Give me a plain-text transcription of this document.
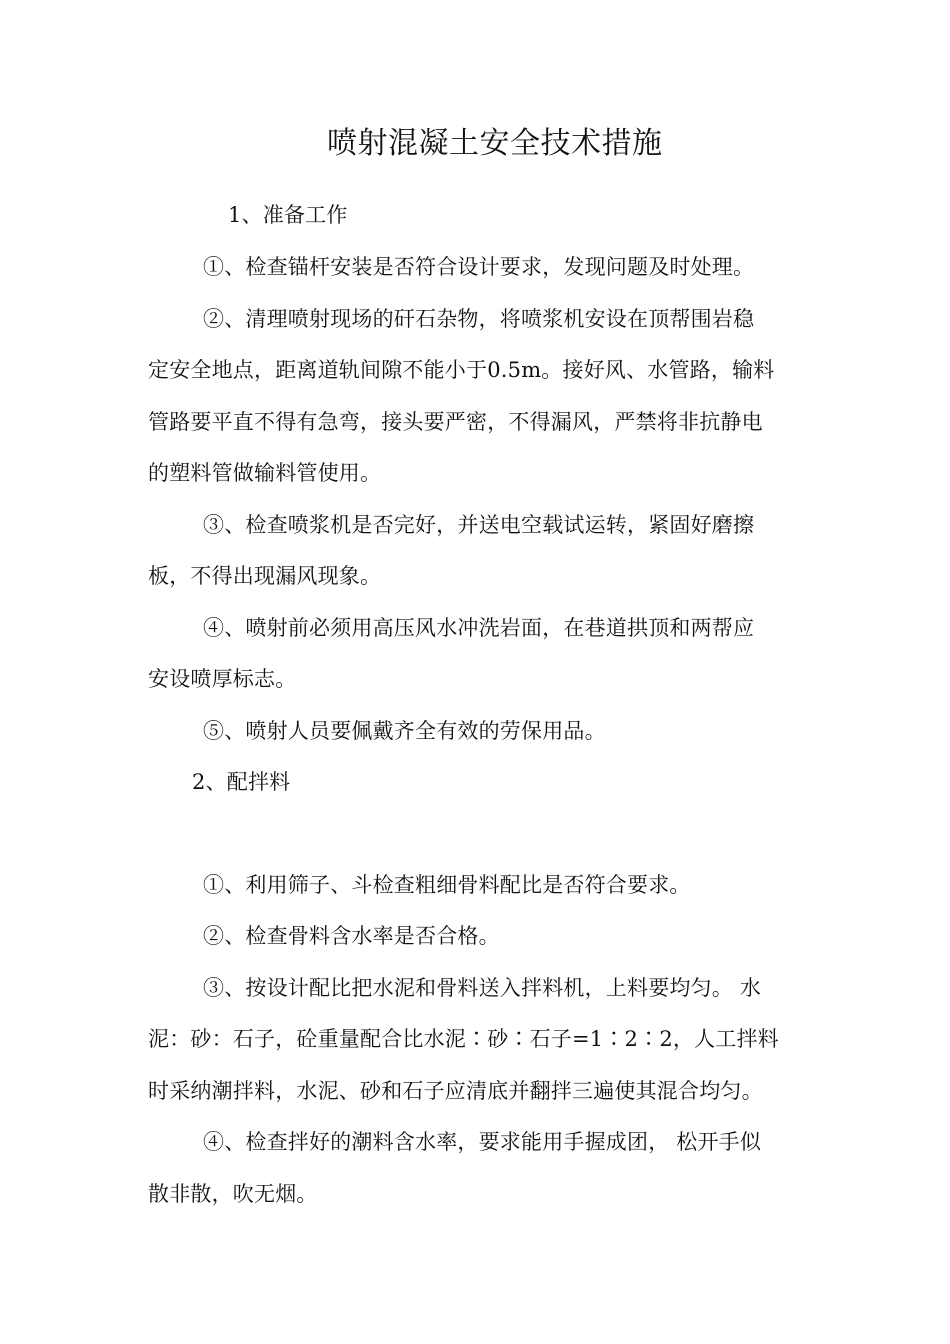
喷射混凝土安全技术措施
1、准备工作
①、检查锚杆安装是否符合设计要求，发现问题及时处理。
②、清理喷射现场的矸石杂物，将喷浆机安设在顶帮围岩稳
定安全地点，距离道轨间隙不能小于0.5m。接好风、水管路，输料
管路要平直不得有急弯，接头要严密，不得漏风，严禁将非抗静电
的塑料管做输料管使用。
③、检查喷浆机是否完好，并送电空载试运转，紧固好磨擦
板，不得出现漏风现象。
④、喷射前必须用高压风水冲洗岩面，在巷道拱顶和两帮应
安设喷厚标志。
⑤、喷射人员要佩戴齐全有效的劳保用品。
2、配拌料
①、利用筛子、斗检查粗细骨料配比是否符合要求。
②、检查骨料含水率是否合格。
③、按设计配比把水泥和骨料送入拌料机，上料要均匀。 水
泥：砂：石子，砼重量配合比水泥∶砂∶石子=1∶2∶2，人工拌料
时采纳潮拌料，水泥、砂和石子应清底并翻拌三遍使其混合均匀。
④、检查拌好的潮料含水率，要求能用手握成团， 松开手似
散非散，吹无烟。
